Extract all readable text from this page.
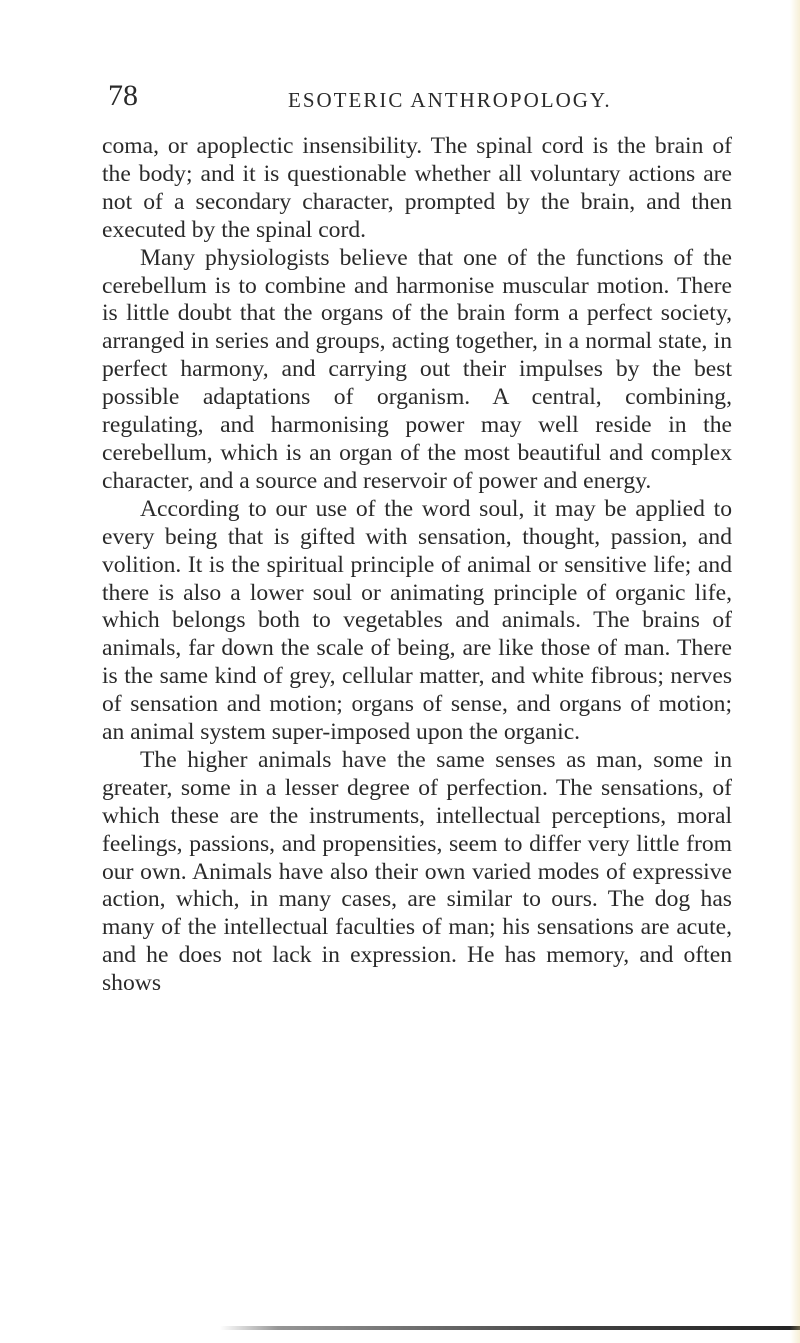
78	ESOTERIC ANTHROPOLOGY.

coma, or apoplectic insensibility. The spinal cord is the brain of the body; and it is questionable whether all voluntary actions are not of a secondary character, prompted by the brain, and then executed by the spinal cord.

Many physiologists believe that one of the functions of the cerebellum is to combine and harmonise muscular motion. There is little doubt that the organs of the brain form a perfect society, arranged in series and groups, acting together, in a normal state, in perfect harmony, and carrying out their impulses by the best possible adaptations of organism. A central, combining, regulating, and harmonising power may well reside in the cerebellum, which is an organ of the most beautiful and complex character, and a source and reservoir of power and energy.

According to our use of the word soul, it may be applied to every being that is gifted with sensation, thought, passion, and volition. It is the spiritual principle of animal or sensitive life; and there is also a lower soul or animating principle of organic life, which belongs both to vegetables and animals. The brains of animals, far down the scale of being, are like those of man. There is the same kind of grey, cellular matter, and white fibrous; nerves of sensation and motion; organs of sense, and organs of motion; an animal system super-imposed upon the organic.

The higher animals have the same senses as man, some in greater, some in a lesser degree of perfection. The sensations, of which these are the instruments, intellectual perceptions, moral feelings, passions, and propensities, seem to differ very little from our own. Animals have also their own varied modes of expressive action, which, in many cases, are similar to ours. The dog has many of the intellectual faculties of man; his sensations are acute, and he does not lack in expression. He has memory, and often shows
